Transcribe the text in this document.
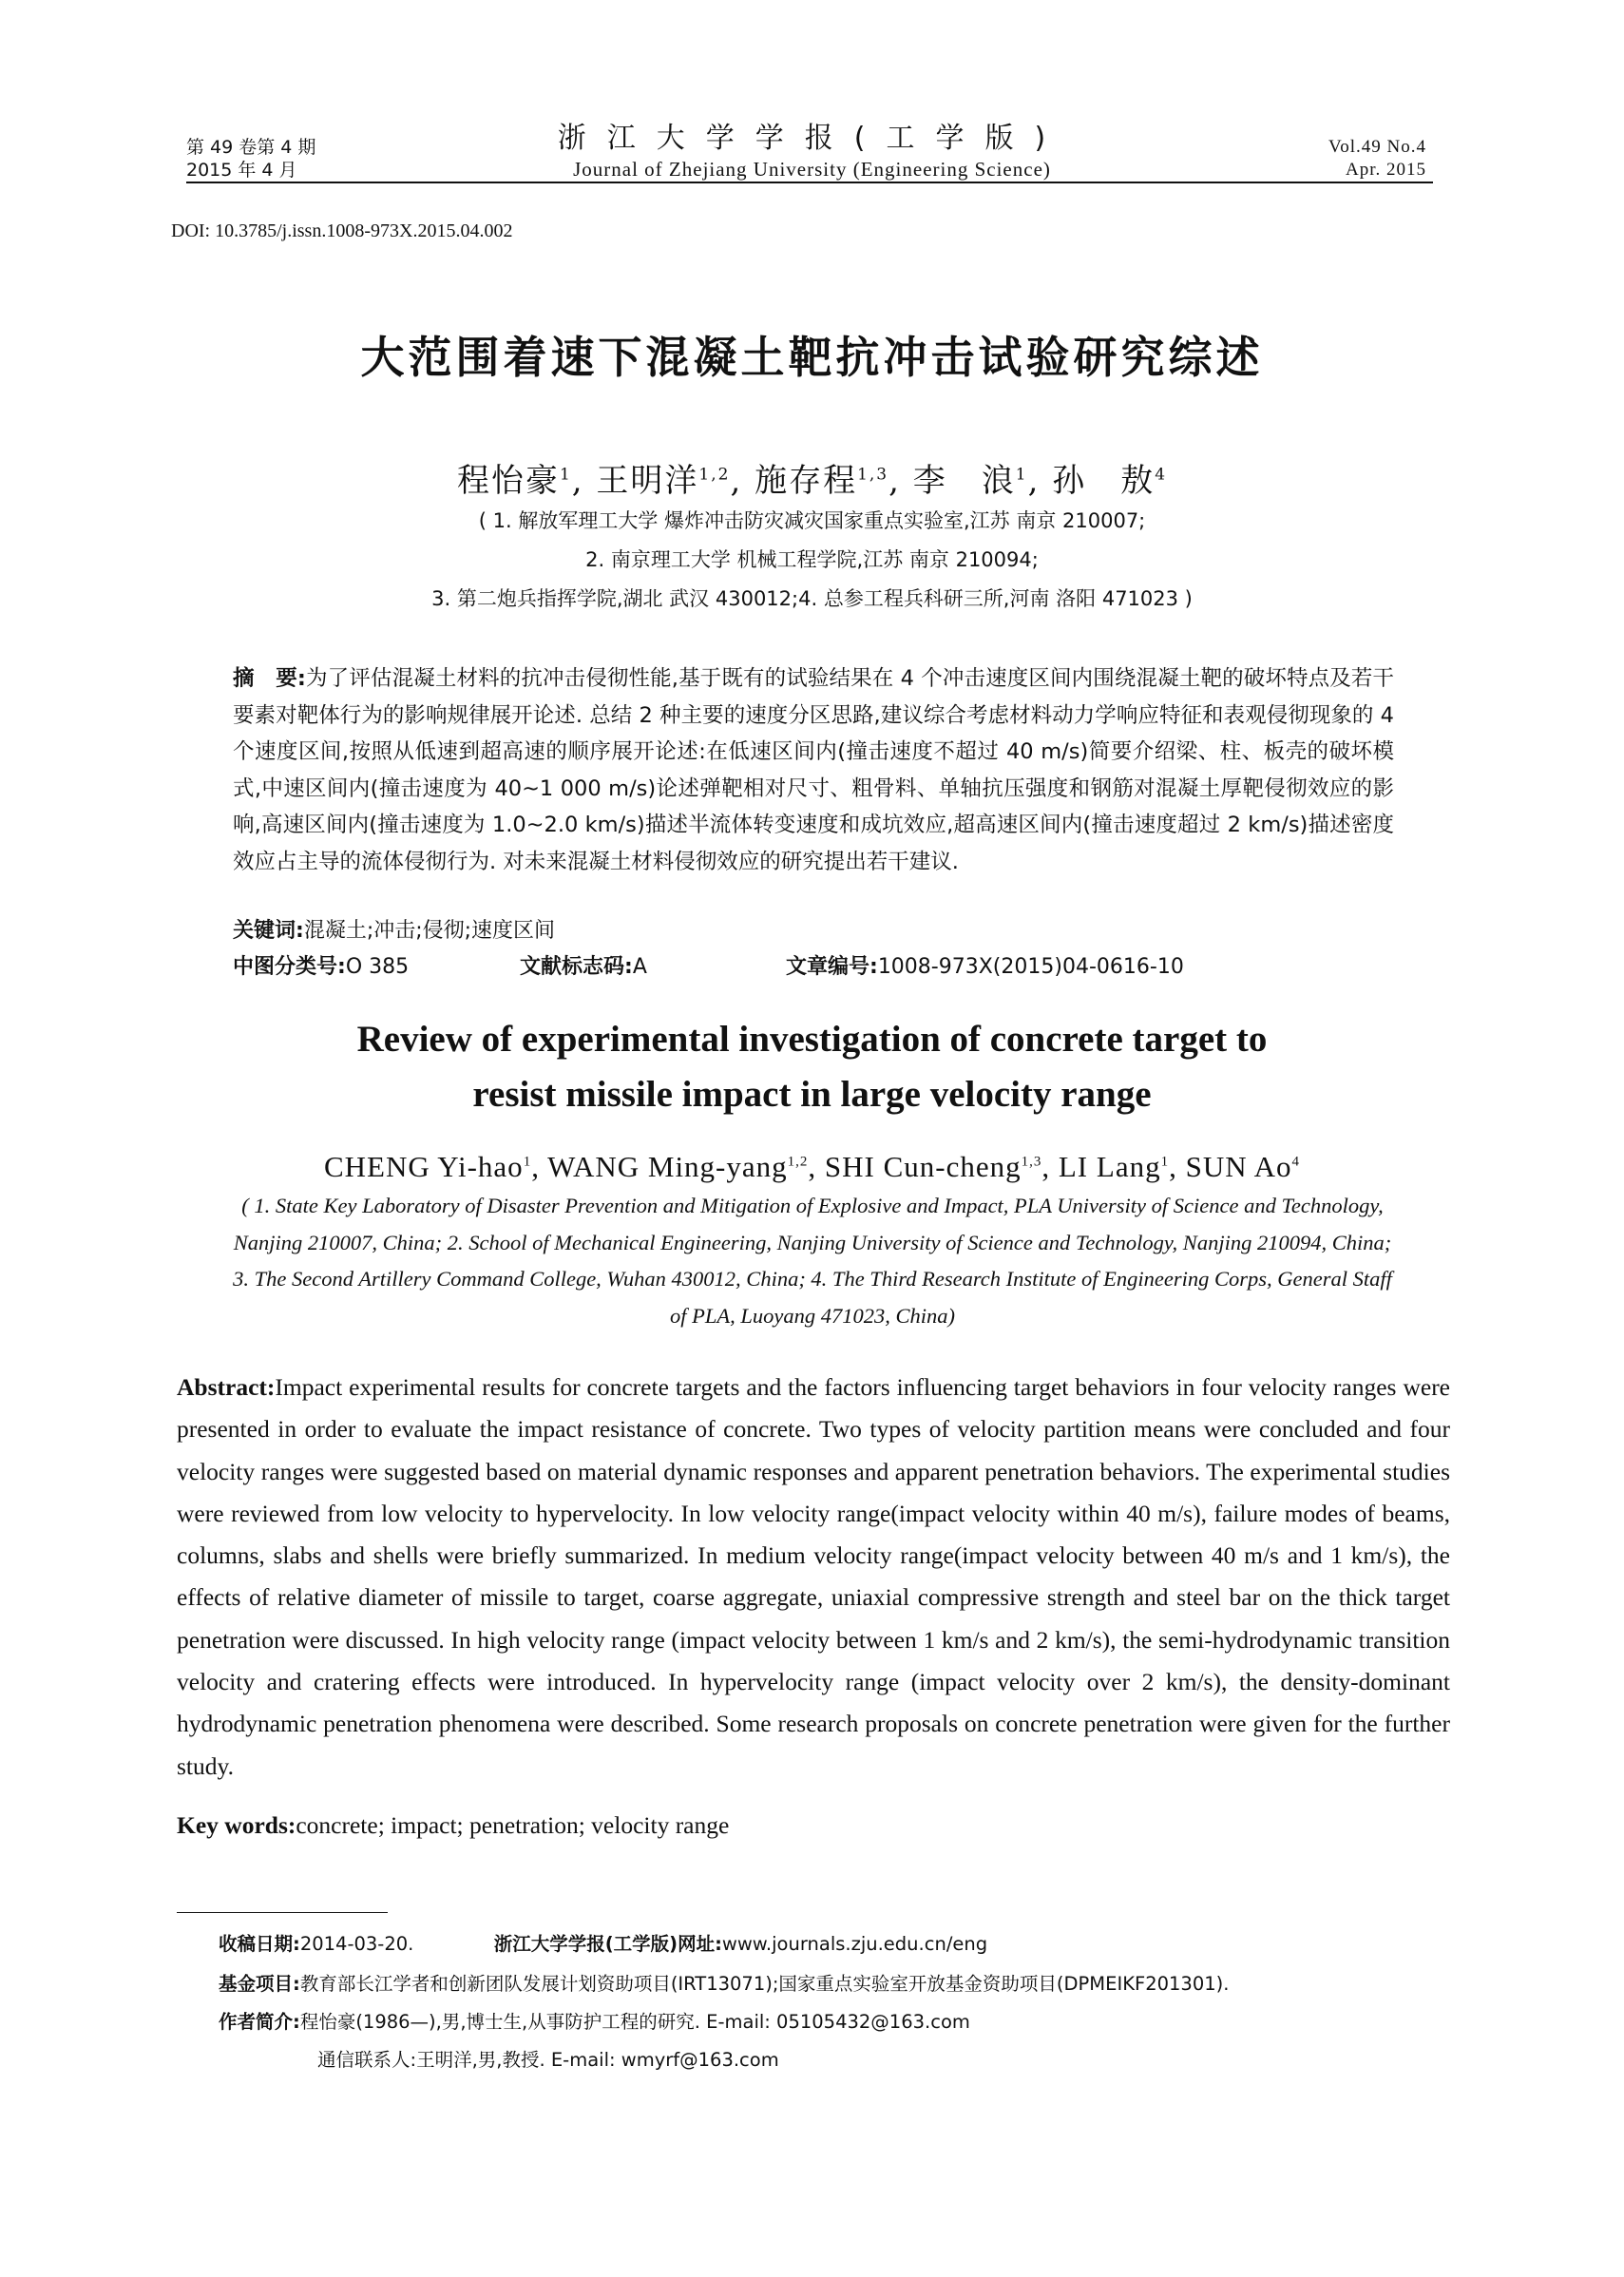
第 49 卷第 4 期
2015 年 4 月
浙江大学学报(工学版)
Journal of Zhejiang University (Engineering Science)
Vol.49 No.4
Apr. 2015
DOI: 10.3785/j.issn.1008-973X.2015.04.002
大范围着速下混凝土靶抗冲击试验研究综述
程怡豪$^1$, 王明洋$^{1,2}$, 施存程$^{1,3}$, 李　浪$^1$, 孙　敖$^4$
( 1. 解放军理工大学 爆炸冲击防灾减灾国家重点实验室,江苏 南京 210007;
2. 南京理工大学 机械工程学院,江苏 南京 210094;
3. 第二炮兵指挥学院,湖北 武汉 430012;4. 总参工程兵科研三所,河南 洛阳 471023 )
摘　要:为了评估混凝土材料的抗冲击侵彻性能,基于既有的试验结果在 4 个冲击速度区间内围绕混凝土靶的破坏特点及若干要素对靶体行为的影响规律展开论述. 总结 2 种主要的速度分区思路,建议综合考虑材料动力学响应特征和表观侵彻现象的 4 个速度区间,按照从低速到超高速的顺序展开论述:在低速区间内(撞击速度不超过 40 m/s)简要介绍梁、柱、板壳的破坏模式,中速区间内(撞击速度为 40~1 000 m/s)论述弹靶相对尺寸、粗骨料、单轴抗压强度和钢筋对混凝土厚靶侵彻效应的影响,高速区间内(撞击速度为 1.0~2.0 km/s)描述半流体转变速度和成坑效应,超高速区间内(撞击速度超过 2 km/s)描述密度效应占主导的流体侵彻行为. 对未来混凝土材料侵彻效应的研究提出若干建议.
关键词:混凝土;冲击;侵彻;速度区间
中图分类号:O 385	文献标志码:A	文章编号:1008-973X(2015)04-0616-10
Review of experimental investigation of concrete target to
resist missile impact in large velocity range
CHENG Yi-hao$^1$, WANG Ming-yang$^{1,2}$, SHI Cun-cheng$^{1,3}$, LI Lang$^1$, SUN Ao$^4$
( 1. State Key Laboratory of Disaster Prevention and Mitigation of Explosive and Impact, PLA University of Science and Technology, Nanjing 210007, China; 2. School of Mechanical Engineering, Nanjing University of Science and Technology, Nanjing 210094, China; 3. The Second Artillery Command College, Wuhan 430012, China; 4. The Third Research Institute of Engineering Corps, General Staff of PLA, Luoyang 471023, China)
Abstract:Impact experimental results for concrete targets and the factors influencing target behaviors in four velocity ranges were presented in order to evaluate the impact resistance of concrete. Two types of velocity partition means were concluded and four velocity ranges were suggested based on material dynamic responses and apparent penetration behaviors. The experimental studies were reviewed from low velocity to hypervelocity. In low velocity range(impact velocity within 40 m/s), failure modes of beams, columns, slabs and shells were briefly summarized. In medium velocity range(impact velocity between 40 m/s and 1 km/s), the effects of relative diameter of missile to target, coarse aggregate, uniaxial compressive strength and steel bar on the thick target penetration were discussed. In high velocity range (impact velocity between 1 km/s and 2 km/s), the semi-hydrodynamic transition velocity and cratering effects were introduced. In hypervelocity range (impact velocity over 2 km/s), the density-dominant hydrodynamic penetration phenomena were described. Some research proposals on concrete penetration were given for the further study.
Key words:concrete; impact; penetration; velocity range
收稿日期:2014-03-20.	浙江大学学报(工学版)网址:www.journals.zju.edu.cn/eng
基金项目:教育部长江学者和创新团队发展计划资助项目(IRT13071);国家重点实验室开放基金资助项目(DPMEIKF201301).
作者简介:程怡豪(1986—),男,博士生,从事防护工程的研究. E-mail: 05105432@163.com
通信联系人:王明洋,男,教授. E-mail: wmyrf@163.com
